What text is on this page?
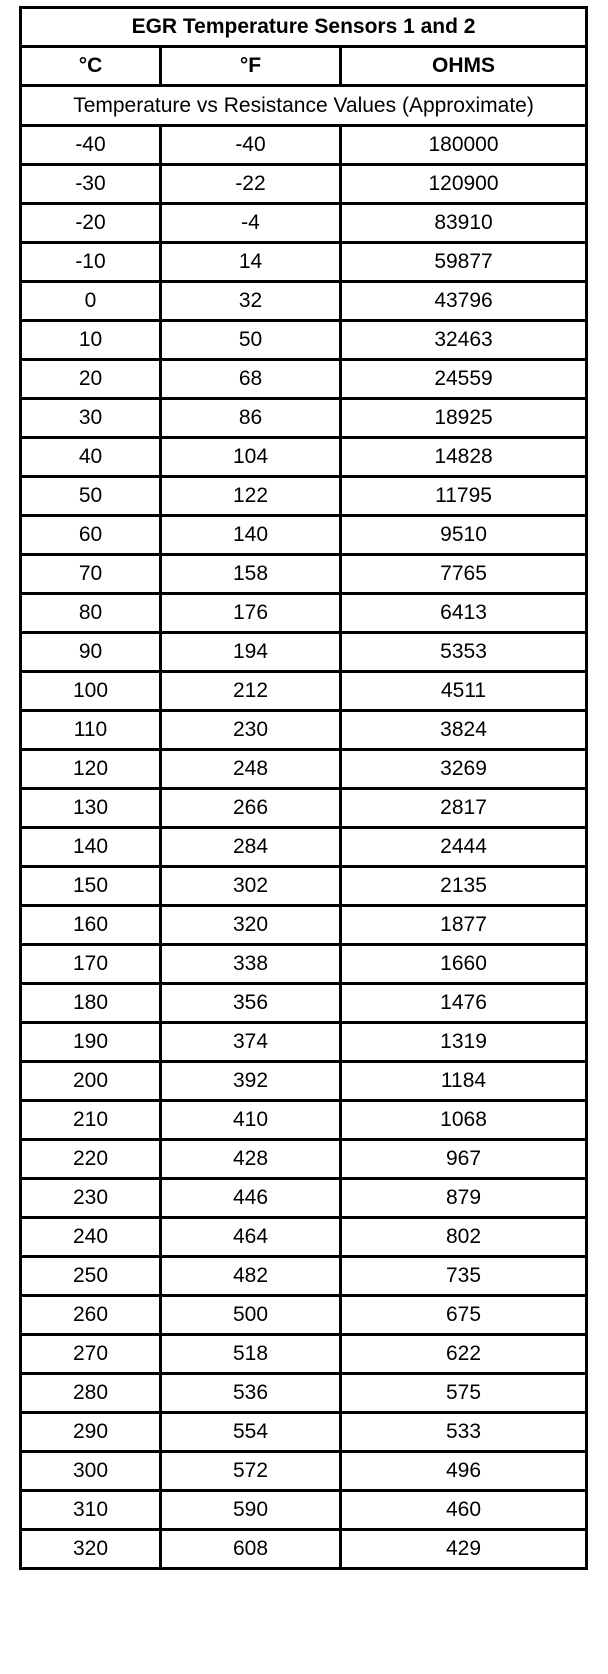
EGR Temperature Sensors 1 and 2		
°C	°F	OHMS
Temperature vs Resistance Values (Approximate)		
-40	-40	180000
-30	-22	120900
-20	-4	83910
-10	14	59877
0	32	43796
10	50	32463
20	68	24559
30	86	18925
40	104	14828
50	122	11795
60	140	9510
70	158	7765
80	176	6413
90	194	5353
100	212	4511
110	230	3824
120	248	3269
130	266	2817
140	284	2444
150	302	2135
160	320	1877
170	338	1660
180	356	1476
190	374	1319
200	392	1184
210	410	1068
220	428	967
230	446	879
240	464	802
250	482	735
260	500	675
270	518	622
280	536	575
290	554	533
300	572	496
310	590	460
320	608	429
